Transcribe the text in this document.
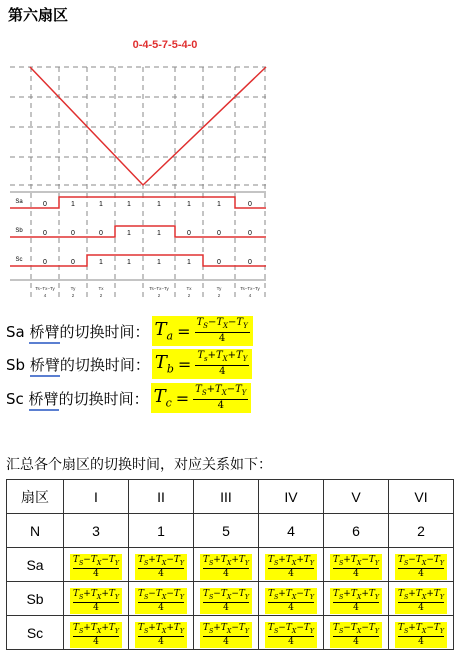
第六扇区
0-4-5-7-5-4-0
Sa	0	1	1	1	1	1	1	0
Sb	0	0	0	1	1	0	0	0
Sc	0	0	1	1	1	1	0	0
Ts−Tx−Ty
4
Ty
2
Tx
2
Ts−Tx−Ty
2
Tx
2
Ty
2
Ts−Tx−Ty
4
Sa 桥臂的切换时间： $T_a = \frac{T_S-T_X-T_Y}{4}$
Sb 桥臂的切换时间： $T_b = \frac{T_s+T_X+T_Y}{4}$
Sc 桥臂的切换时间： $T_c = \frac{T_S+T_X-T_Y}{4}$
汇总各个扇区的切换时间，对应关系如下：
扇区	I	II	III	IV	V	VI
N	3	1	5	4	6	2
Sa	$\frac{T_S-T_X-T_Y}{4}$	$\frac{T_S+T_X-T_Y}{4}$	$\frac{T_S+T_X+T_Y}{4}$	$\frac{T_S+T_X+T_Y}{4}$	$\frac{T_S+T_X-T_Y}{4}$	$\frac{T_S-T_X-T_Y}{4}$

Sb	$\frac{T_S+T_X+T_Y}{4}$	$\frac{T_S-T_X-T_Y}{4}$	$\frac{T_S-T_X-T_Y}{4}$	$\frac{T_S+T_X-T_Y}{4}$	$\frac{T_S+T_X+T_Y}{4}$	$\frac{T_S+T_X+T_Y}{4}$

Sc	$\frac{T_S+T_X+T_Y}{4}$	$\frac{T_S+T_X+T_Y}{4}$	$\frac{T_S+T_X-T_Y}{4}$	$\frac{T_S-T_X-T_Y}{4}$	$\frac{T_S-T_X-T_Y}{4}$	$\frac{T_S+T_X-T_Y}{4}$
